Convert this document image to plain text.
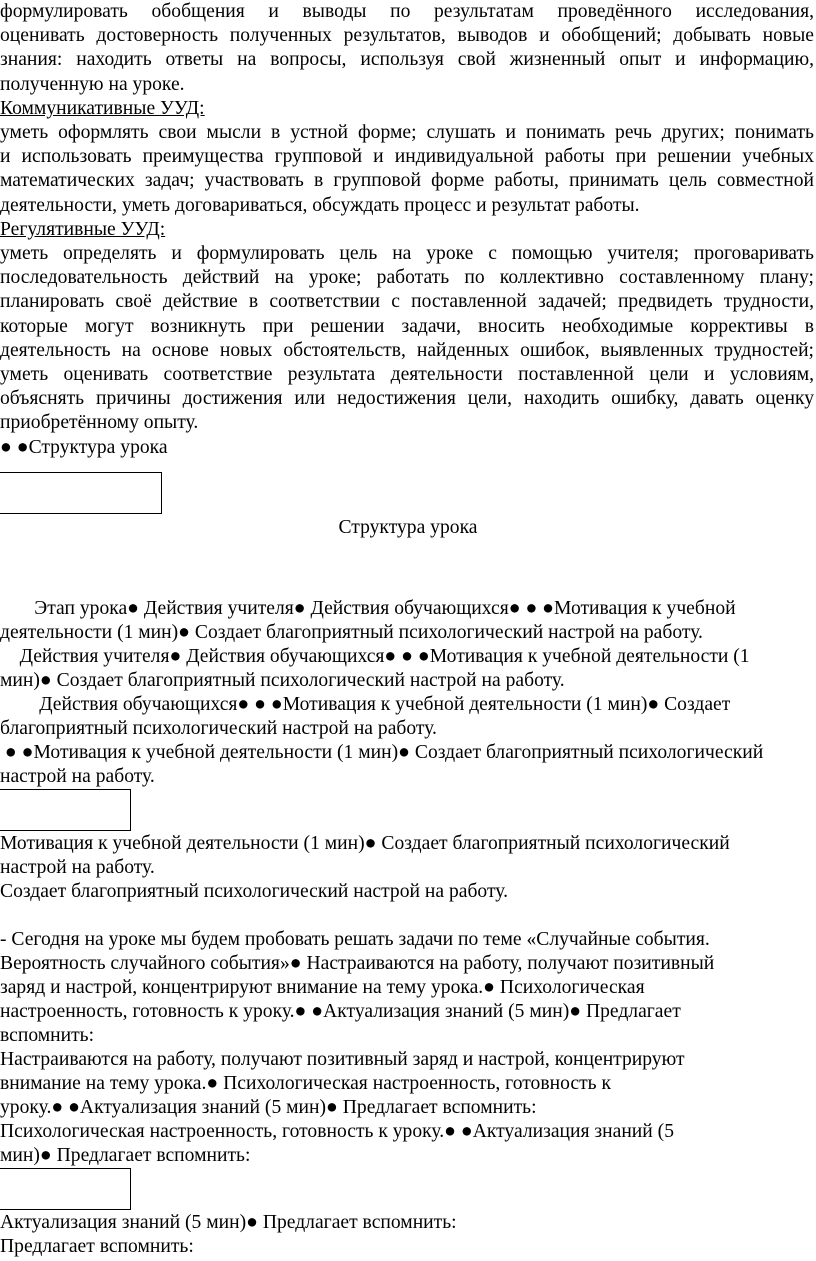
формулировать обобщения и выводы по результатам проведённого исследования,
оценивать достоверность полученных результатов, выводов и обобщений; добывать новые
знания: находить ответы на вопросы, используя свой жизненный опыт и информацию,
полученную на уроке.
Коммуникативные УУД:
уметь оформлять свои мысли в устной форме; слушать и понимать речь других; понимать
и использовать преимущества групповой и индивидуальной работы при решении учебных
математических задач; участвовать в групповой форме работы, принимать цель совместной
деятельности, уметь договариваться, обсуждать процесс и результат работы.
Регулятивные УУД:
уметь определять и формулировать цель на уроке с помощью учителя; проговаривать
последовательность действий на уроке; работать по коллективно составленному плану;
планировать своё действие в соответствии с поставленной задачей; предвидеть трудности,
которые могут возникнуть при решении задачи, вносить необходимые коррективы в
деятельность на основе новых обстоятельств, найденных ошибок, выявленных трудностей;
уметь оценивать соответствие результата деятельности поставленной цели и условиям,
объяснять причины достижения или недостижения цели, находить ошибку, давать оценку
приобретённому опыту.
● ●Структура урока
Структура урока
Этап урока● Действия учителя● Действия обучающихся● ● ●Мотивация к учебной
деятельности (1 мин)● Создает благоприятный психологический настрой на работу.
Действия учителя● Действия обучающихся● ● ●Мотивация к учебной деятельности (1
мин)● Создает благоприятный психологический настрой на работу.
Действия обучающихся● ● ●Мотивация к учебной деятельности (1 мин)● Создает
благоприятный психологический настрой на работу.
● ●Мотивация к учебной деятельности (1 мин)● Создает благоприятный психологический
настрой на работу.
Мотивация к учебной деятельности (1 мин)● Создает благоприятный психологический
настрой на работу.
Создает благоприятный психологический настрой на работу.
- Сегодня на уроке мы будем пробовать решать задачи по теме «Случайные события.
Вероятность случайного события»● Настраиваются на работу, получают позитивный
заряд и настрой, концентрируют внимание на тему урока.● Психологическая
настроенность, готовность к уроку.● ●Актуализация знаний (5 мин)● Предлагает
вспомнить:
Настраиваются на работу, получают позитивный заряд и настрой, концентрируют
внимание на тему урока.● Психологическая настроенность, готовность к
уроку.● ●Актуализация знаний (5 мин)● Предлагает вспомнить:
Психологическая настроенность, готовность к уроку.● ●Актуализация знаний (5
мин)● Предлагает вспомнить:
Актуализация знаний (5 мин)● Предлагает вспомнить:
Предлагает вспомнить:
